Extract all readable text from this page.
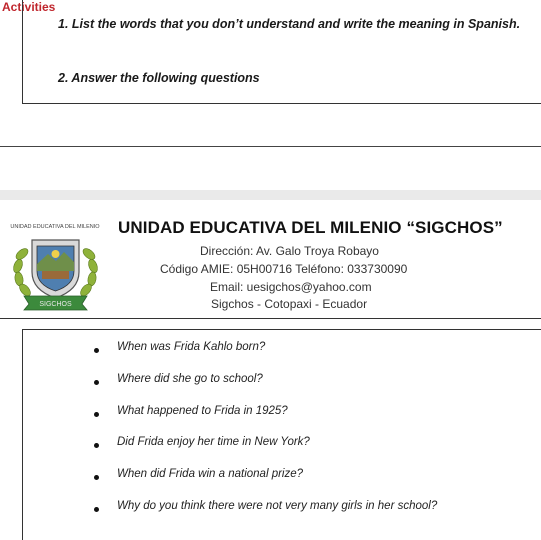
Activities
1. List the words that you don’t understand and write the meaning in Spanish.
2. Answer the following questions
UNIDAD EDUCATIVA DEL MILENIO
SIGCHOS
UNIDAD EDUCATIVA DEL MILENIO “SIGCHOS”
Dirección: Av. Galo Troya Robayo
Código AMIE: 05H00716 Teléfono: 033730090
Email: uesigchos@yahoo.com
Sigchos - Cotopaxi - Ecuador
When was Frida Kahlo born?
Where did she go to school?
What happened to Frida in 1925?
Did Frida enjoy her time in New York?
When did Frida win a national prize?
Why do you think there were not very many girls in her school?
